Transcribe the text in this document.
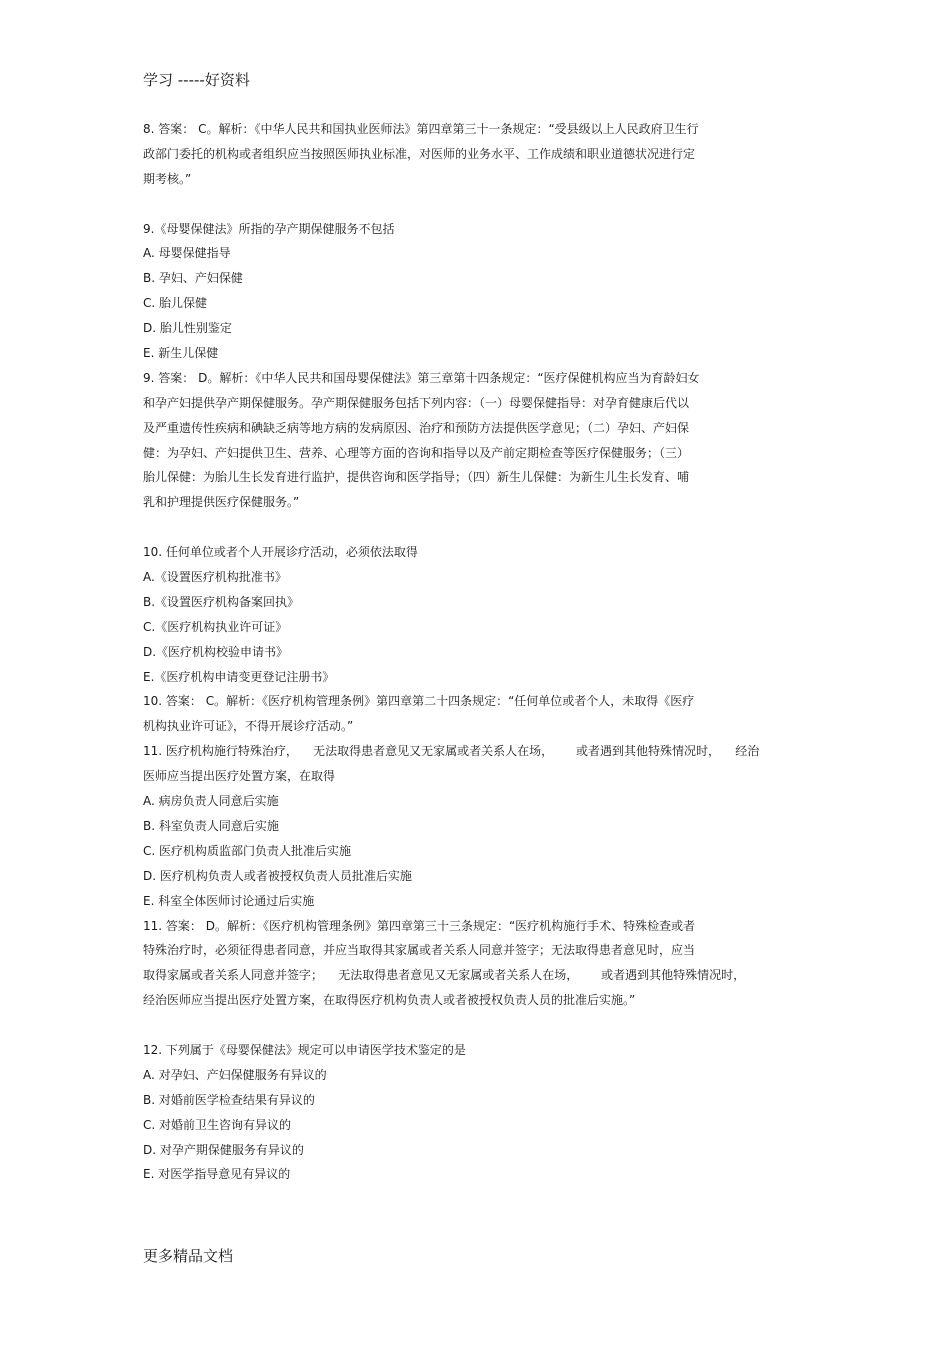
学习 -----好资料
8. 答案： C。解析：《中华人民共和国执业医师法》第四章第三十一条规定：“受县级以上人民政府卫生行
政部门委托的机构或者组织应当按照医师执业标准，对医师的业务水平、工作成绩和职业道德状况进行定
期考核。”
9.《母婴保健法》所指的孕产期保健服务不包括
A. 母婴保健指导
B. 孕妇、产妇保健
C. 胎儿保健
D. 胎儿性别鉴定
E. 新生儿保健
9. 答案： D。解析：《中华人民共和国母婴保健法》第三章第十四条规定：“医疗保健机构应当为育龄妇女
和孕产妇提供孕产期保健服务。孕产期保健服务包括下列内容：（一）母婴保健指导：对孕育健康后代以
及严重遗传性疾病和碘缺乏病等地方病的发病原因、治疗和预防方法提供医学意见；（二）孕妇、产妇保
健：为孕妇、产妇提供卫生、营养、心理等方面的咨询和指导以及产前定期检查等医疗保健服务；（三）
胎儿保健：为胎儿生长发育进行监护，提供咨询和医学指导；（四）新生儿保健：为新生儿生长发育、哺
乳和护理提供医疗保健服务。”
10. 任何单位或者个人开展诊疗活动，必须依法取得
A.《设置医疗机构批准书》
B.《设置医疗机构备案回执》
C.《医疗机构执业许可证》
D.《医疗机构校验申请书》
E.《医疗机构申请变更登记注册书》
10. 答案： C。解析：《医疗机构管理条例》第四章第二十四条规定：“任何单位或者个人，未取得《医疗
机构执业许可证》，不得开展诊疗活动。”
11. 医疗机构施行特殊治疗，    无法取得患者意见又无家属或者关系人在场，      或者遇到其他特殊情况时，    经治
医师应当提出医疗处置方案，在取得
A. 病房负责人同意后实施
B. 科室负责人同意后实施
C. 医疗机构质监部门负责人批准后实施
D. 医疗机构负责人或者被授权负责人员批准后实施
E. 科室全体医师讨论通过后实施
11. 答案： D。解析：《医疗机构管理条例》第四章第三十三条规定：“医疗机构施行手术、特殊检查或者
特殊治疗时，必须征得患者同意，并应当取得其家属或者关系人同意并签字；无法取得患者意见时，应当
取得家属或者关系人同意并签字；    无法取得患者意见又无家属或者关系人在场，      或者遇到其他特殊情况时，
经治医师应当提出医疗处置方案，在取得医疗机构负责人或者被授权负责人员的批准后实施。”
12. 下列属于《母婴保健法》规定可以申请医学技术鉴定的是
A. 对孕妇、产妇保健服务有异议的
B. 对婚前医学检查结果有异议的
C. 对婚前卫生咨询有异议的
D. 对孕产期保健服务有异议的
E. 对医学指导意见有异议的
更多精品文档
